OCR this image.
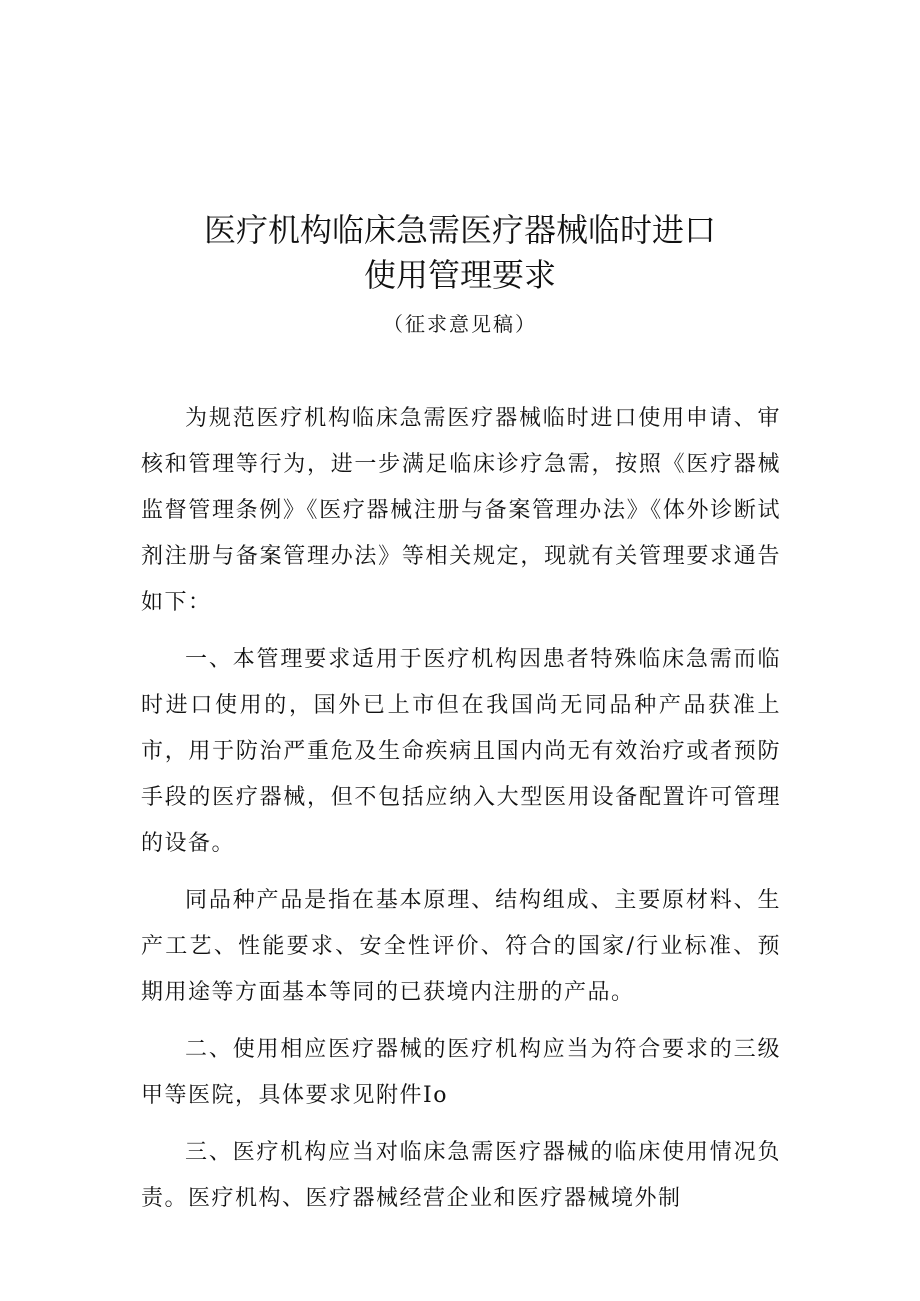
医疗机构临床急需医疗器械临时进口
使用管理要求
（征求意见稿）

为规范医疗机构临床急需医疗器械临时进口使用申请、审核和管理等行为，进一步满足临床诊疗急需，按照《医疗器械监督管理条例》《医疗器械注册与备案管理办法》《体外诊断试剂注册与备案管理办法》等相关规定，现就有关管理要求通告如下：

一、本管理要求适用于医疗机构因患者特殊临床急需而临时进口使用的，国外已上市但在我国尚无同品种产品获准上市，用于防治严重危及生命疾病且国内尚无有效治疗或者预防手段的医疗器械，但不包括应纳入大型医用设备配置许可管理的设备。

同品种产品是指在基本原理、结构组成、主要原材料、生产工艺、性能要求、安全性评价、符合的国家/行业标准、预期用途等方面基本等同的已获境内注册的产品。

二、使用相应医疗器械的医疗机构应当为符合要求的三级甲等医院，具体要求见附件Io

三、医疗机构应当对临床急需医疗器械的临床使用情况负责。医疗机构、医疗器械经营企业和医疗器械境外制
